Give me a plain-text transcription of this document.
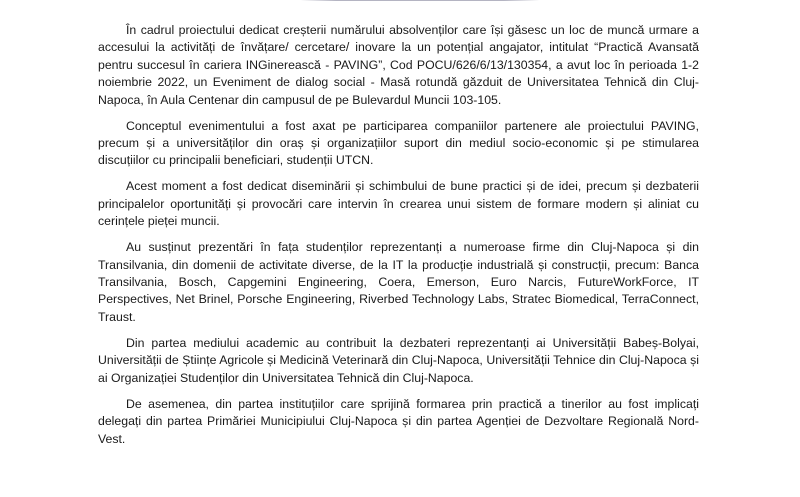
În cadrul proiectului dedicat creșterii numărului absolvenților care își găsesc un loc de muncă urmare a accesului la activități de învățare/ cercetare/ inovare la un potențial angajator, intitulat “Practică Avansată pentru succesul în cariera INGinerească - PAVING”, Cod POCU/626/6/13/130354, a avut loc în perioada 1-2 noiembrie 2022, un Eveniment de dialog social - Masă rotundă găzduit de Universitatea Tehnică din Cluj-Napoca, în Aula Centenar din campusul de pe Bulevardul Muncii 103-105.

Conceptul evenimentului a fost axat pe participarea companiilor partenere ale proiectului PAVING, precum și a universităților din oraș și organizațiilor suport din mediul socio-economic și pe stimularea discuțiilor cu principalii beneficiari, studenții UTCN.

Acest moment a fost dedicat diseminării și schimbului de bune practici și de idei, precum și dezbaterii principalelor oportunități și provocări care intervin în crearea unui sistem de formare modern și aliniat cu cerințele pieței muncii.

Au susținut prezentări în fața studenților reprezentanți a numeroase firme din Cluj-Napoca și din Transilvania, din domenii de activitate diverse, de la IT la producție industrială și construcții, precum: Banca Transilvania, Bosch, Capgemini Engineering, Coera, Emerson, Euro Narcis, FutureWorkForce, IT Perspectives, Net Brinel, Porsche Engineering, Riverbed Technology Labs, Stratec Biomedical, TerraConnect, Traust.

Din partea mediului academic au contribuit la dezbateri reprezentanți ai Universității Babeș-Bolyai, Universității de Științe Agricole și Medicină Veterinară din Cluj-Napoca, Universității Tehnice din Cluj-Napoca și ai Organizației Studenților din Universitatea Tehnică din Cluj-Napoca.

De asemenea, din partea instituțiilor care sprijină formarea prin practică a tinerilor au fost implicați delegați din partea Primăriei Municipiului Cluj-Napoca și din partea Agenției de Dezvoltare Regională Nord-Vest.
